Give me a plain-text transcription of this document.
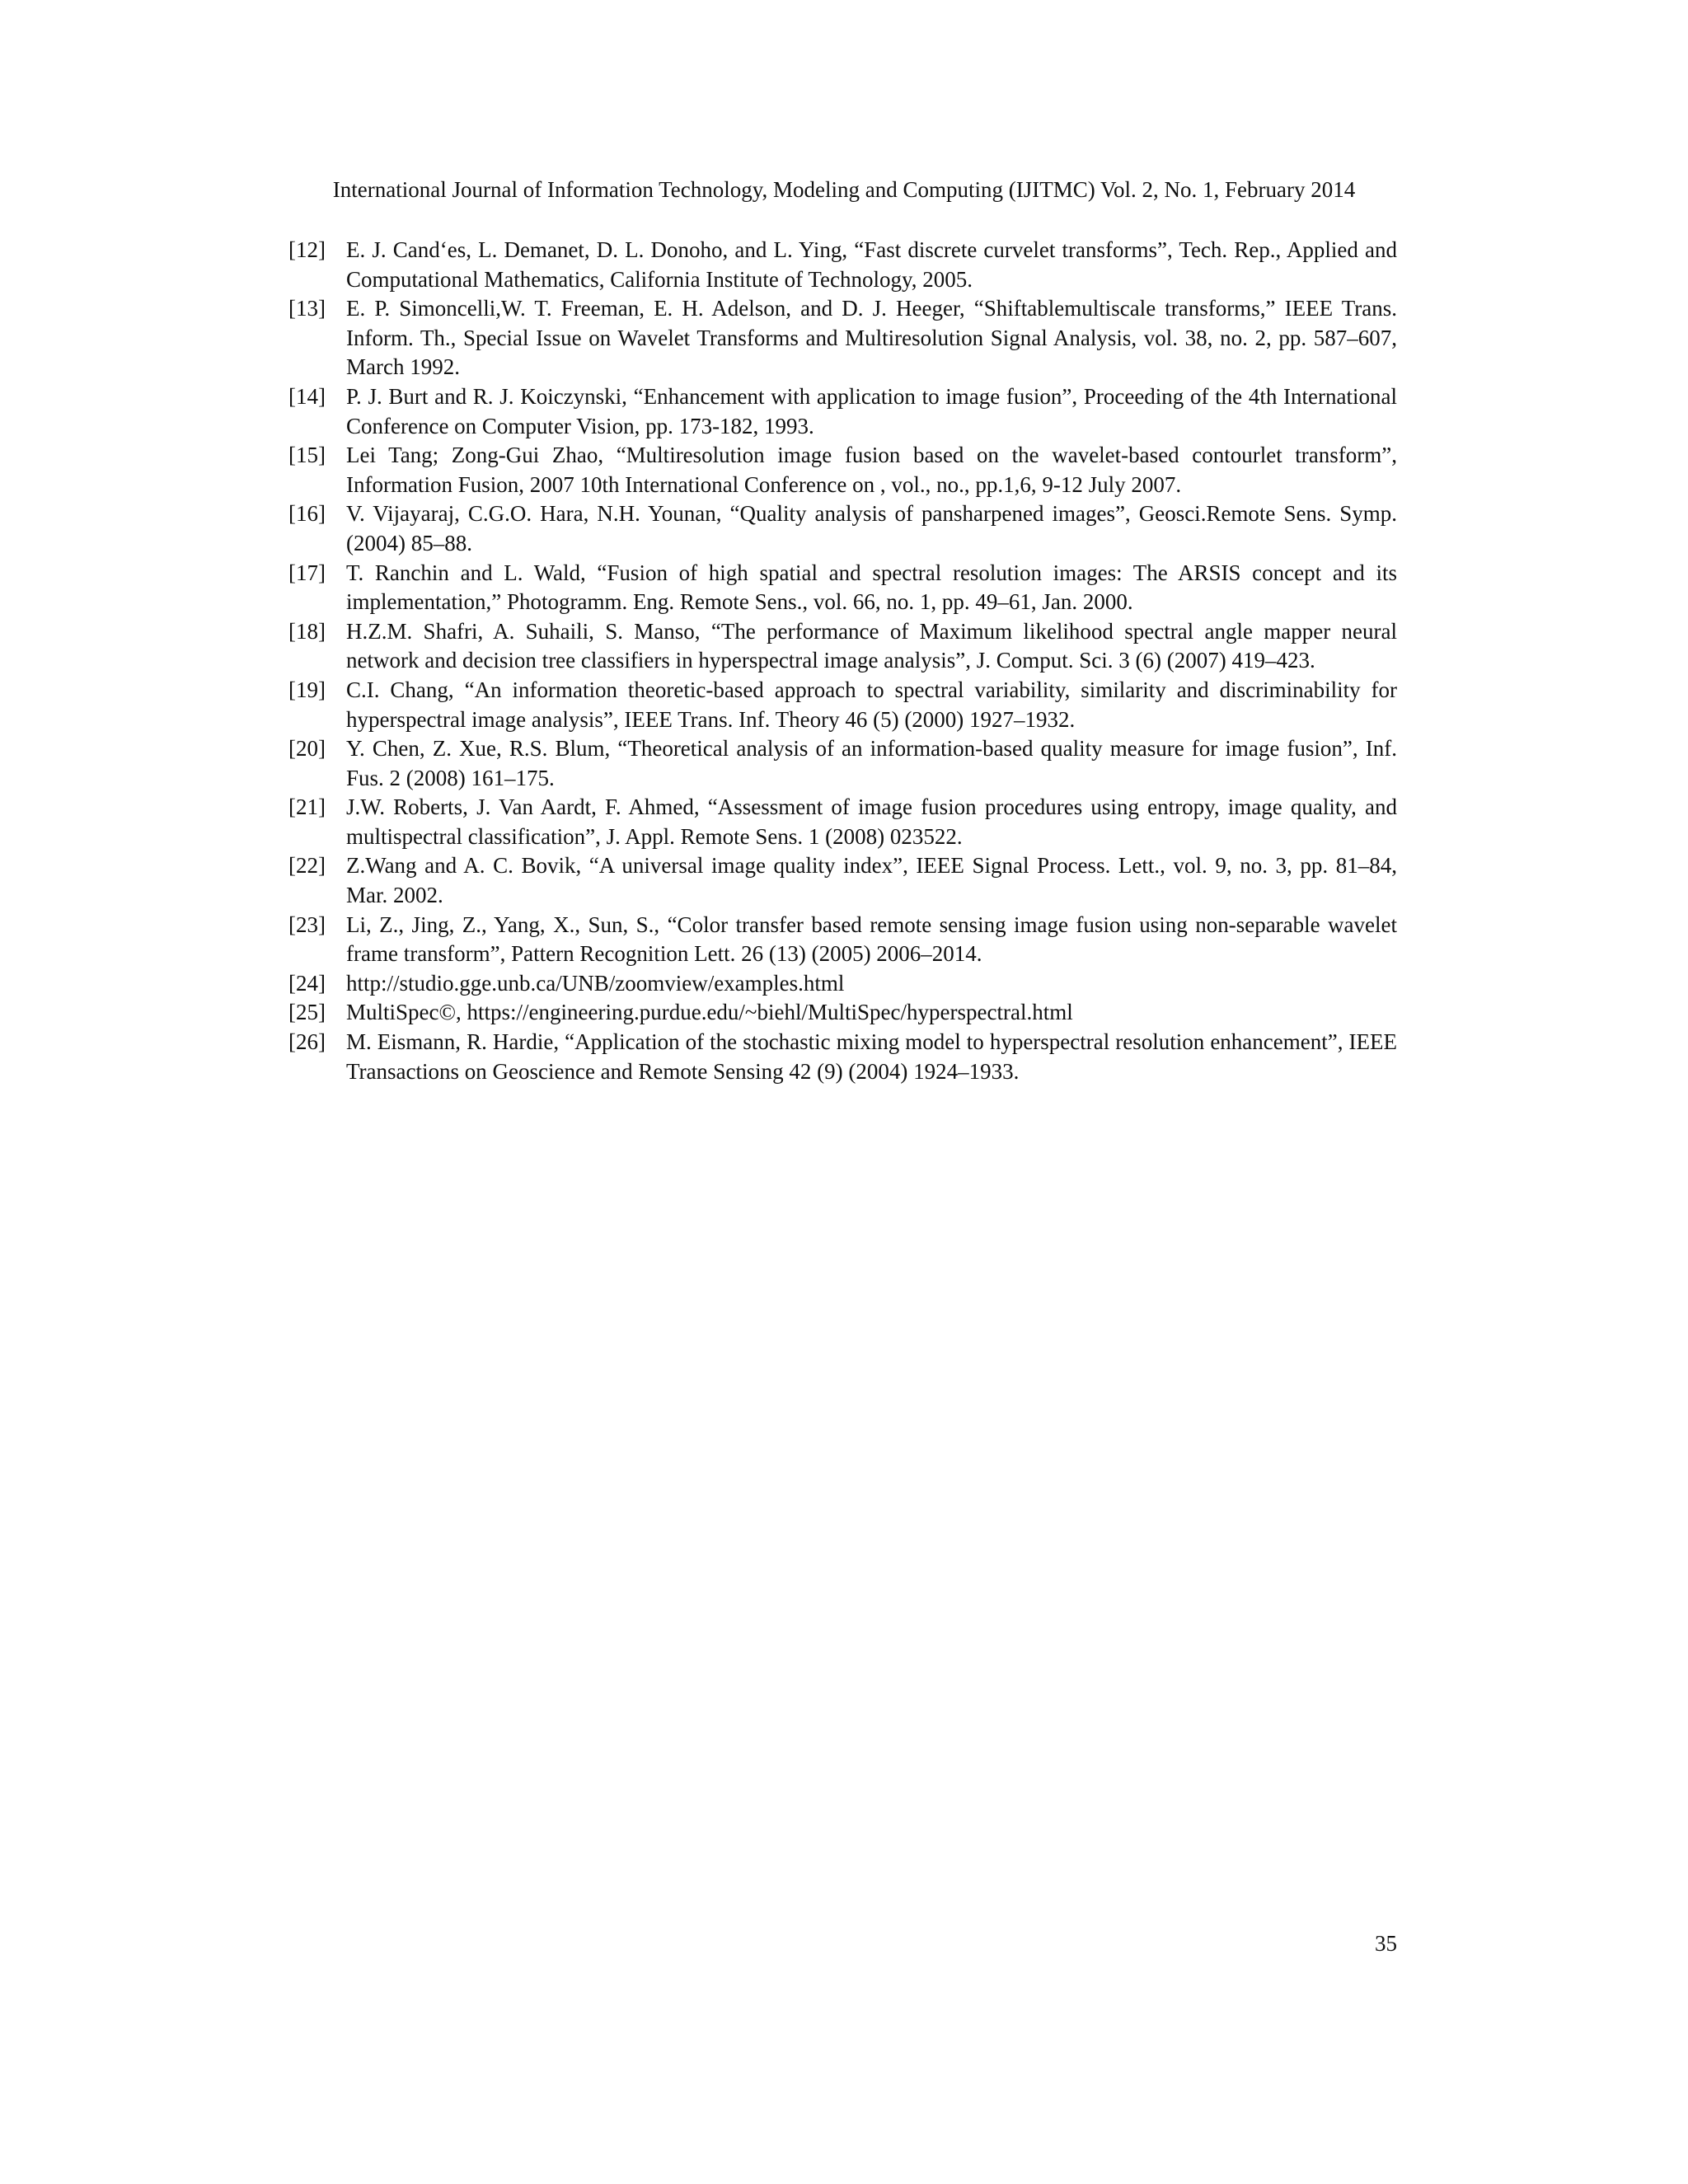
International Journal of Information Technology, Modeling and Computing (IJITMC) Vol. 2, No. 1, February 2014
[12] E. J. Cand‘es, L. Demanet, D. L. Donoho, and L. Ying, “Fast discrete curvelet transforms”, Tech. Rep., Applied and Computational Mathematics, California Institute of Technology, 2005.
[13] E. P. Simoncelli,W. T. Freeman, E. H. Adelson, and D. J. Heeger, “Shiftablemultiscale transforms,” IEEE Trans. Inform. Th., Special Issue on Wavelet Transforms and Multiresolution Signal Analysis, vol. 38, no. 2, pp. 587–607, March 1992.
[14] P. J. Burt and R. J. Koiczynski, “Enhancement with application to image fusion”, Proceeding of the 4th International Conference on Computer Vision, pp. 173-182, 1993.
[15] Lei Tang; Zong-Gui Zhao, “Multiresolution image fusion based on the wavelet-based contourlet transform”, Information Fusion, 2007 10th International Conference on , vol., no., pp.1,6, 9-12 July 2007.
[16] V. Vijayaraj, C.G.O. Hara, N.H. Younan, “Quality analysis of pansharpened images”, Geosci.Remote Sens. Symp. (2004) 85–88.
[17] T. Ranchin and L. Wald, “Fusion of high spatial and spectral resolution images: The ARSIS concept and its implementation,” Photogramm. Eng. Remote Sens., vol. 66, no. 1, pp. 49–61, Jan. 2000.
[18] H.Z.M. Shafri, A. Suhaili, S. Manso, “The performance of Maximum likelihood spectral angle mapper neural network and decision tree classifiers in hyperspectral image analysis”, J. Comput. Sci. 3 (6) (2007) 419–423.
[19] C.I. Chang, “An information theoretic-based approach to spectral variability, similarity and discriminability for hyperspectral image analysis”, IEEE Trans. Inf. Theory 46 (5) (2000) 1927–1932.
[20] Y. Chen, Z. Xue, R.S. Blum, “Theoretical analysis of an information-based quality measure for image fusion”, Inf. Fus. 2 (2008) 161–175.
[21] J.W. Roberts, J. Van Aardt, F. Ahmed, “Assessment of image fusion procedures using entropy, image quality, and multispectral classification”, J. Appl. Remote Sens. 1 (2008) 023522.
[22] Z.Wang and A. C. Bovik, “A universal image quality index”, IEEE Signal Process. Lett., vol. 9, no. 3, pp. 81–84, Mar. 2002.
[23] Li, Z., Jing, Z., Yang, X., Sun, S., “Color transfer based remote sensing image fusion using non-separable wavelet frame transform”, Pattern Recognition Lett. 26 (13) (2005) 2006–2014.
[24] http://studio.gge.unb.ca/UNB/zoomview/examples.html
[25] MultiSpec©, https://engineering.purdue.edu/~biehl/MultiSpec/hyperspectral.html
[26] M. Eismann, R. Hardie, “Application of the stochastic mixing model to hyperspectral resolution enhancement”, IEEE Transactions on Geoscience and Remote Sensing 42 (9) (2004) 1924–1933.
35
